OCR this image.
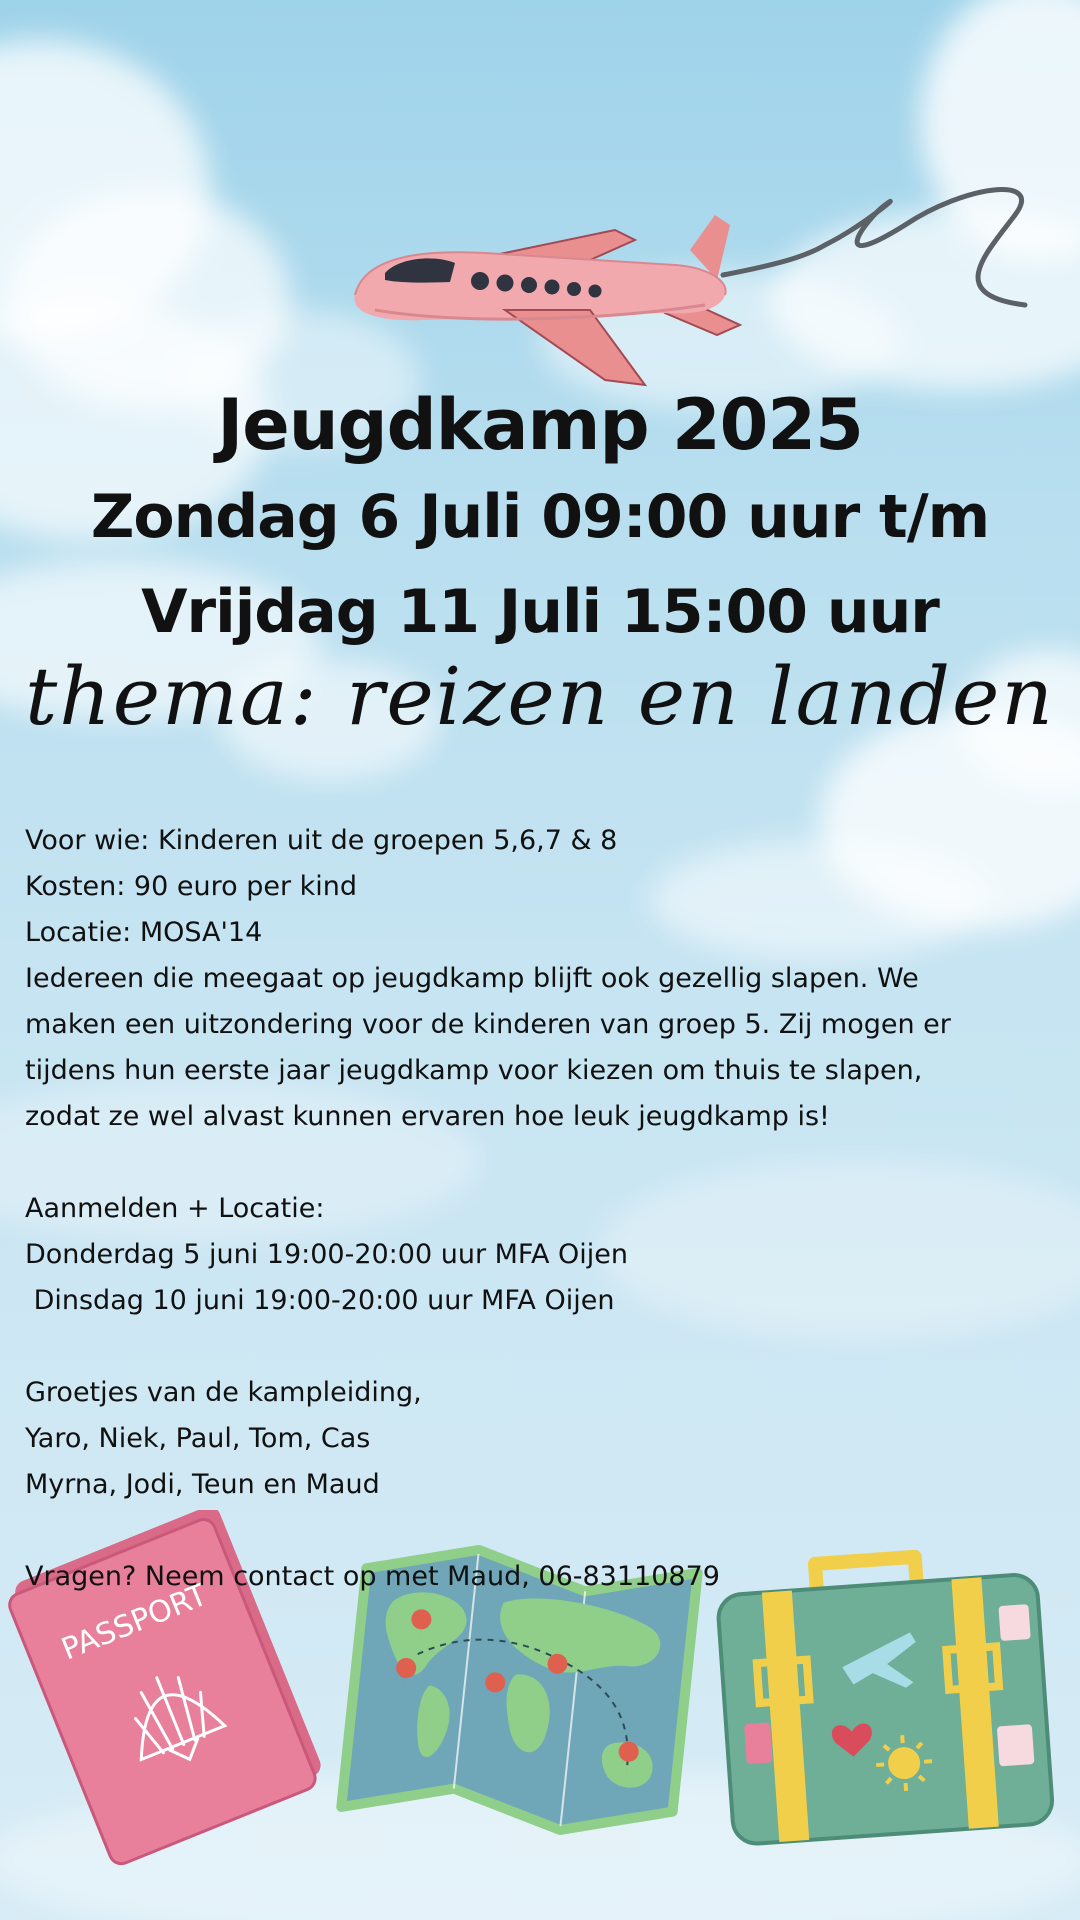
Jeugdkamp 2025
Zondag 6 Juli 09:00 uur t/m
Vrijdag 11 Juli 15:00 uur
thema: reizen en landen
Voor wie: Kinderen uit de groepen 5,6,7 & 8
Kosten: 90 euro per kind
Locatie: MOSA'14
Iedereen die meegaat op jeugdkamp blijft ook gezellig slapen. We
maken een uitzondering voor de kinderen van groep 5. Zij mogen er
tijdens hun eerste jaar jeugdkamp voor kiezen om thuis te slapen,
zodat ze wel alvast kunnen ervaren hoe leuk jeugdkamp is!
Aanmelden + Locatie:
Donderdag 5 juni 19:00-20:00 uur MFA Oijen
Dinsdag 10 juni 19:00-20:00 uur MFA Oijen
Groetjes van de kampleiding,
Yaro, Niek, Paul, Tom, Cas
Myrna, Jodi, Teun en Maud
PASSPORT
Vragen? Neem contact op met Maud, 06-83110879
